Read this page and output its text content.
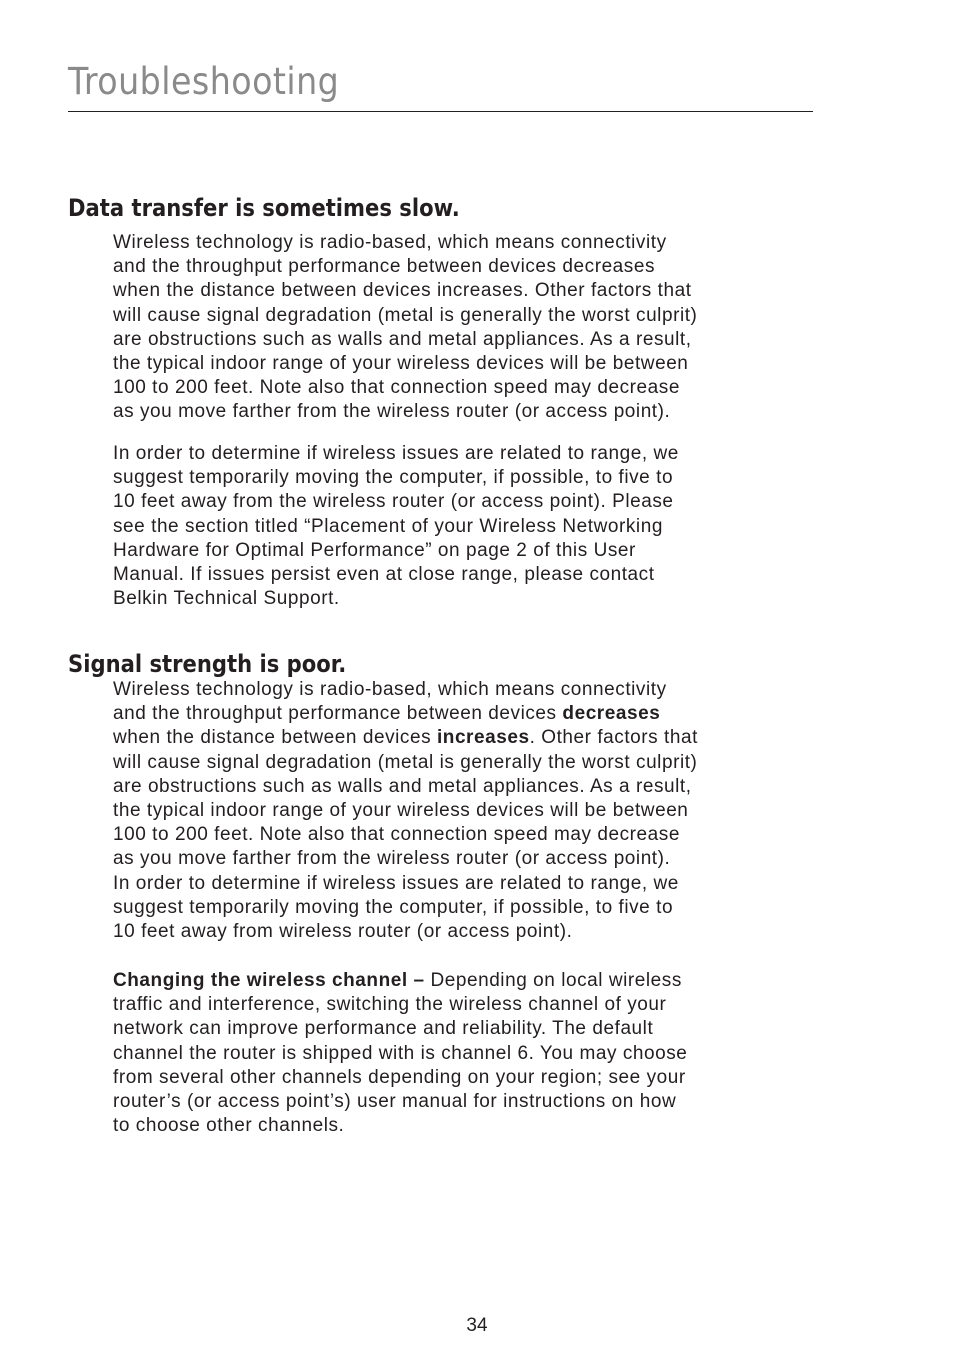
Troubleshooting
Data transfer is sometimes slow.

Wireless technology is radio-based, which means connectivity
and the throughput performance between devices decreases
when the distance between devices increases. Other factors that
will cause signal degradation (metal is generally the worst culprit)
are obstructions such as walls and metal appliances. As a result,
the typical indoor range of your wireless devices will be between
100 to 200 feet. Note also that connection speed may decrease
as you move farther from the wireless router (or access point).

In order to determine if wireless issues are related to range, we
suggest temporarily moving the computer, if possible, to five to
10 feet away from the wireless router (or access point). Please
see the section titled “Placement of your Wireless Networking
Hardware for Optimal Performance” on page 2 of this User
Manual. If issues persist even at close range, please contact
Belkin Technical Support.

Signal strength is poor.

Wireless technology is radio-based, which means connectivity
and the throughput performance between devices decreases
when the distance between devices increases. Other factors that
will cause signal degradation (metal is generally the worst culprit)
are obstructions such as walls and metal appliances. As a result,
the typical indoor range of your wireless devices will be between
100 to 200 feet. Note also that connection speed may decrease
as you move farther from the wireless router (or access point).
In order to determine if wireless issues are related to range, we
suggest temporarily moving the computer, if possible, to five to
10 feet away from wireless router (or access point).

Changing the wireless channel – Depending on local wireless
traffic and interference, switching the wireless channel of your
network can improve performance and reliability. The default
channel the router is shipped with is channel 6. You may choose
from several other channels depending on your region; see your
router’s (or access point’s) user manual for instructions on how
to choose other channels.

34
